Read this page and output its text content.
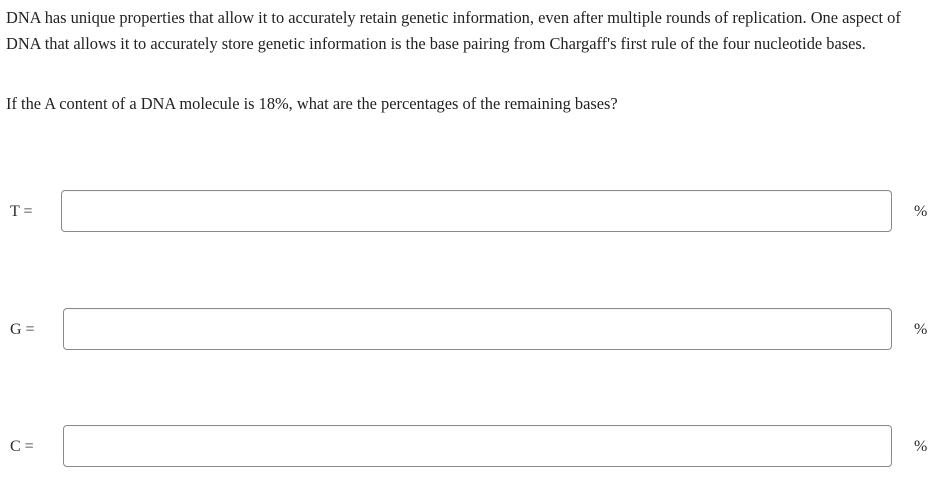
DNA has unique properties that allow it to accurately retain genetic information, even after multiple rounds of replication. One aspect of DNA that allows it to accurately store genetic information is the base pairing from Chargaff's first rule of the four nucleotide bases.

If the A content of a DNA molecule is 18%, what are the percentages of the remaining bases?

T =	%
G =	%
C =	%
